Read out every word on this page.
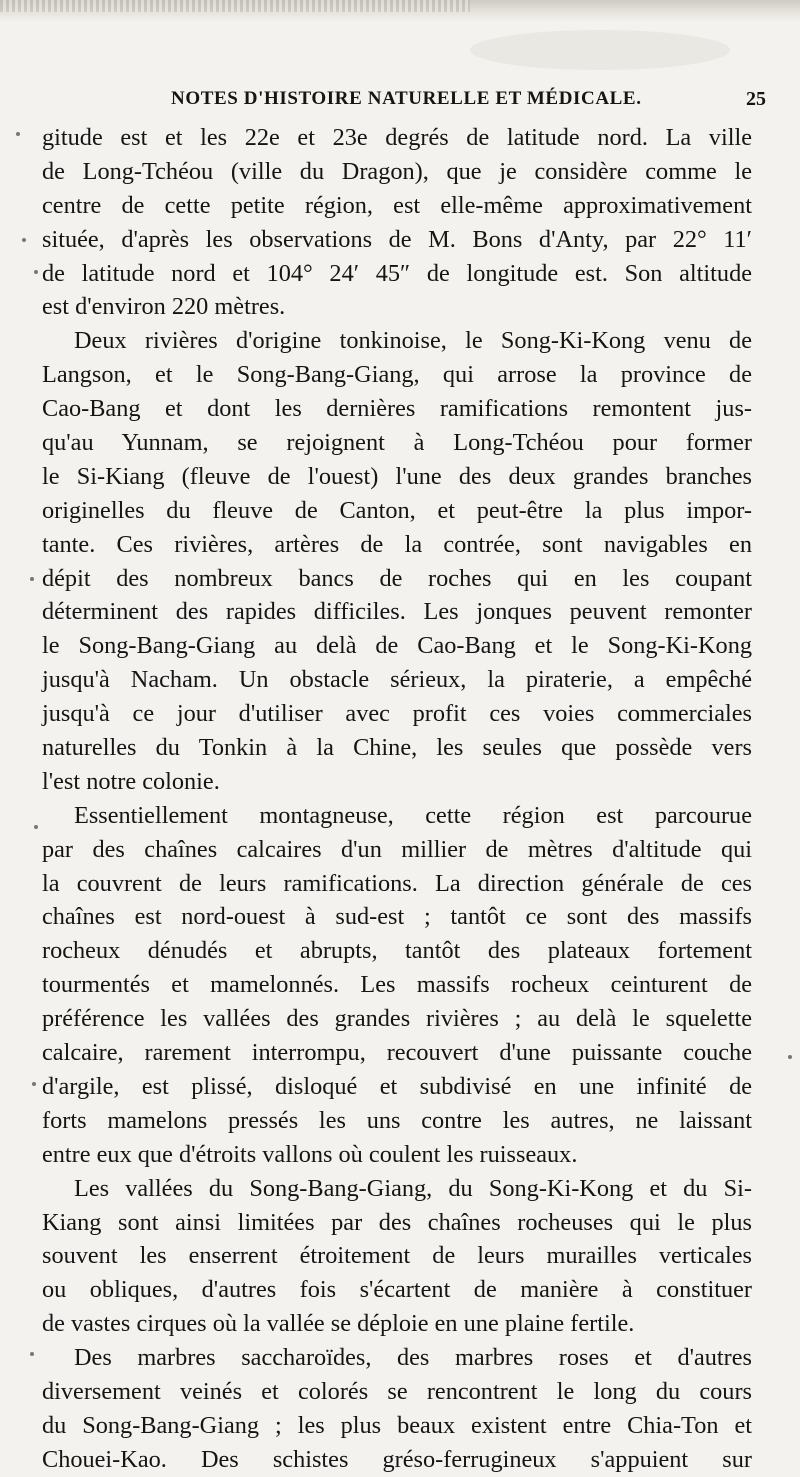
NOTES D'HISTOIRE NATURELLE ET MÉDICALE.	25
gitude est et les 22e et 23e degrés de latitude nord. La ville
de Long-Tchéou (ville du Dragon), que je considère comme le
centre de cette petite région, est elle-même approximativement
située, d'après les observations de M. Bons d'Anty, par 22° 11′
de latitude nord et 104° 24′ 45″ de longitude est. Son altitude
est d'environ 220 mètres.
Deux rivières d'origine tonkinoise, le Song-Ki-Kong venu de
Langson, et le Song-Bang-Giang, qui arrose la province de
Cao-Bang et dont les dernières ramifications remontent jus-
qu'au Yunnam, se rejoignent à Long-Tchéou pour former
le Si-Kiang (fleuve de l'ouest) l'une des deux grandes branches
originelles du fleuve de Canton, et peut-être la plus impor-
tante. Ces rivières, artères de la contrée, sont navigables en
dépit des nombreux bancs de roches qui en les coupant
déterminent des rapides difficiles. Les jonques peuvent remonter
le Song-Bang-Giang au delà de Cao-Bang et le Song-Ki-Kong
jusqu'à Nacham. Un obstacle sérieux, la piraterie, a empêché
jusqu'à ce jour d'utiliser avec profit ces voies commerciales
naturelles du Tonkin à la Chine, les seules que possède vers
l'est notre colonie.
Essentiellement montagneuse, cette région est parcourue
par des chaînes calcaires d'un millier de mètres d'altitude qui
la couvrent de leurs ramifications. La direction générale de ces
chaînes est nord-ouest à sud-est ; tantôt ce sont des massifs
rocheux dénudés et abrupts, tantôt des plateaux fortement
tourmentés et mamelonnés. Les massifs rocheux ceinturent de
préférence les vallées des grandes rivières ; au delà le squelette
calcaire, rarement interrompu, recouvert d'une puissante couche
d'argile, est plissé, disloqué et subdivisé en une infinité de
forts mamelons pressés les uns contre les autres, ne laissant
entre eux que d'étroits vallons où coulent les ruisseaux.
Les vallées du Song-Bang-Giang, du Song-Ki-Kong et du Si-
Kiang sont ainsi limitées par des chaînes rocheuses qui le plus
souvent les enserrent étroitement de leurs murailles verticales
ou obliques, d'autres fois s'écartent de manière à constituer
de vastes cirques où la vallée se déploie en une plaine fertile.
Des marbres saccharoïdes, des marbres roses et d'autres
diversement veinés et colorés se rencontrent le long du cours
du Song-Bang-Giang ; les plus beaux existent entre Chia-Ton et
Chouei-Kao. Des schistes gréso-ferrugineux s'appuient sur
